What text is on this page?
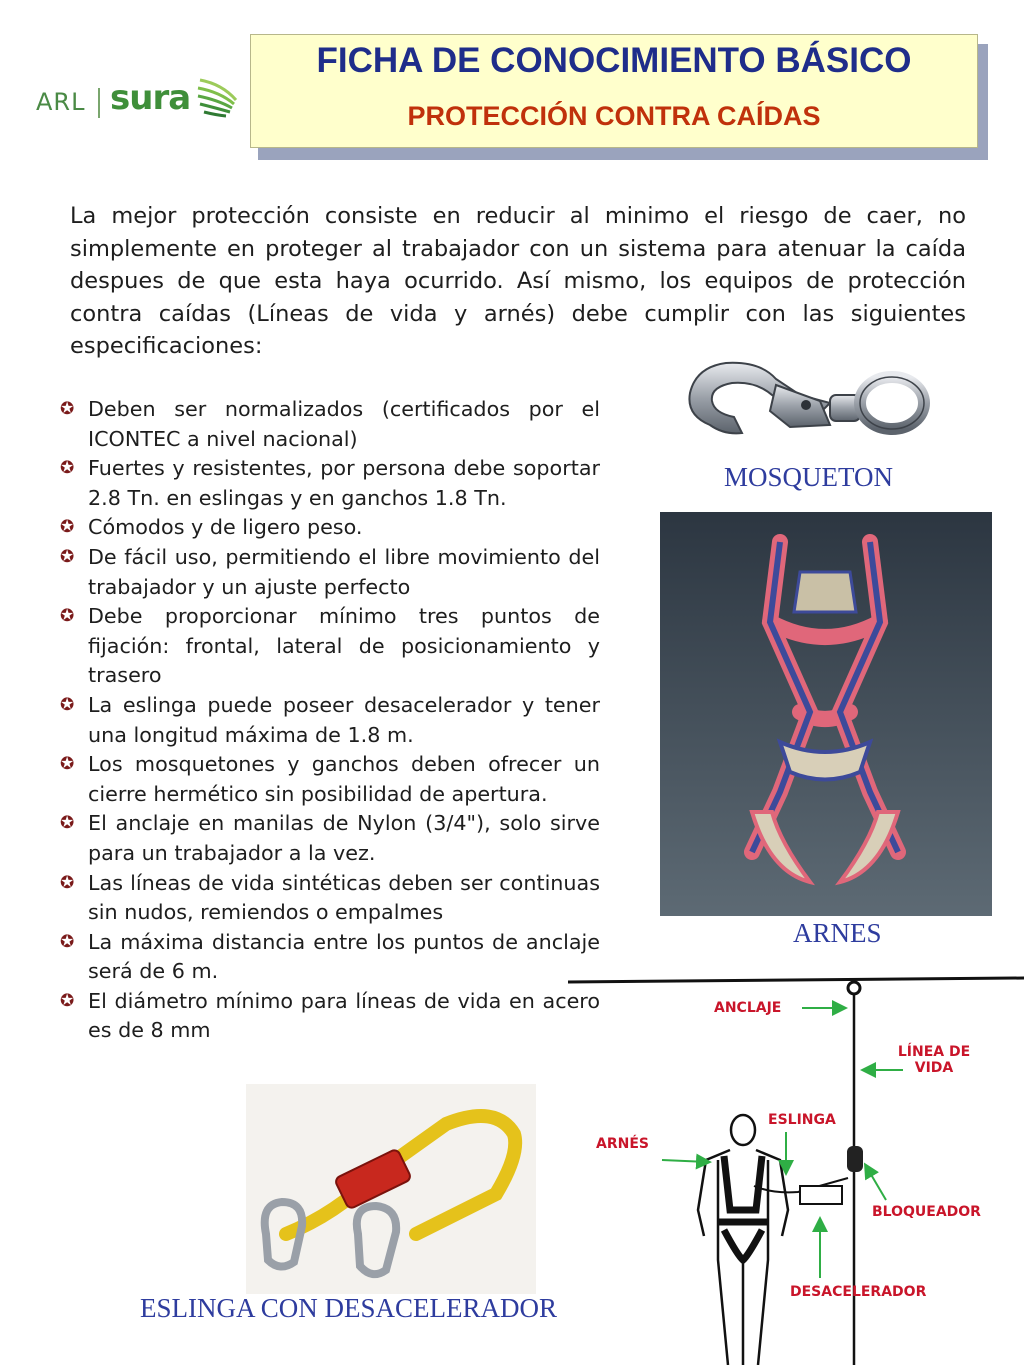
ARL sura
FICHA DE CONOCIMIENTO BÁSICO
PROTECCIÓN CONTRA CAÍDAS

La mejor protección consiste en reducir al minimo el riesgo de caer, no simplemente en proteger al trabajador con un sistema para atenuar la caída despues de que esta haya ocurrido. Así mismo, los equipos de protección contra caídas (Líneas de vida y arnés) debe cumplir con las siguientes especificaciones:

✪ Deben ser normalizados (certificados por el ICONTEC a nivel nacional)
✪ Fuertes y resistentes, por persona debe soportar 2.8 Tn. en eslingas y en ganchos 1.8 Tn.
✪ Cómodos y de ligero peso.
✪ De fácil uso, permitiendo el libre movimiento del trabajador y un ajuste perfecto
✪ Debe proporcionar mínimo tres puntos de fijación: frontal, lateral de posicionamiento y trasero
✪ La eslinga puede poseer desacelerador y tener una longitud máxima de 1.8 m.
✪ Los mosquetones y ganchos deben ofrecer un cierre hermético sin posibilidad de apertura.
✪ El anclaje en manilas de Nylon (3/4"), solo sirve para un trabajador a la vez.
✪ Las líneas de vida sintéticas deben ser continuas sin nudos, remiendos o empalmes
✪ La máxima distancia entre los puntos de anclaje será de 6 m.
✪ El diámetro mínimo para líneas de vida en acero es de 8 mm
MOSQUETON
ARNES
ESLINGA CON DESACELERADOR
ANCLAJE
LÍNEA DE
VIDA
ESLINGA
ARNÉS
BLOQUEADOR
DESACELERADOR
